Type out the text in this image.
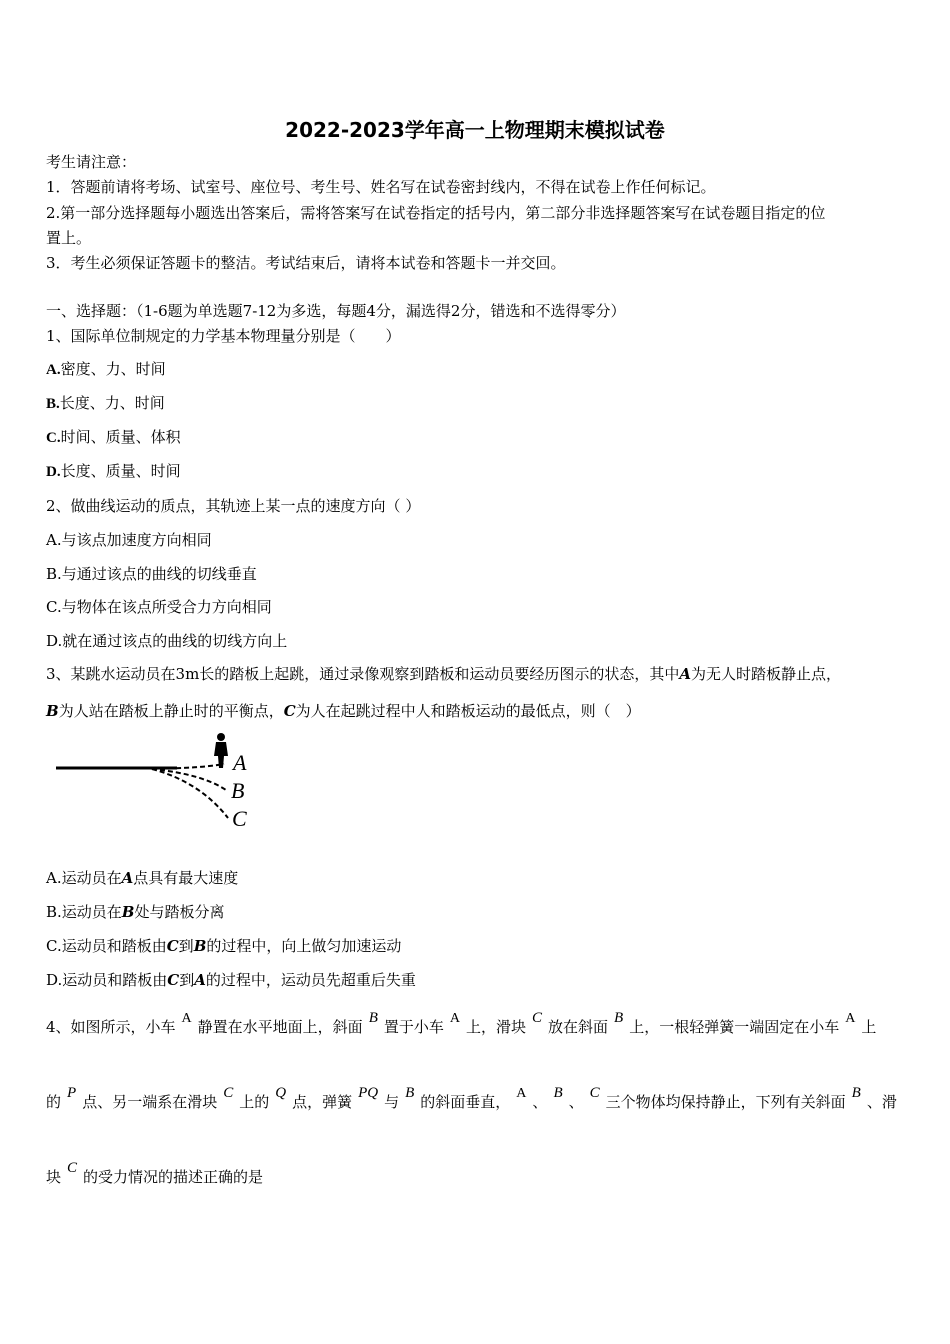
2022-2023学年高一上物理期末模拟试卷
考生请注意：
1．答题前请将考场、试室号、座位号、考生号、姓名写在试卷密封线内，不得在试卷上作任何标记。
2.第一部分选择题每小题选出答案后，需将答案写在试卷指定的括号内，第二部分非选择题答案写在试卷题目指定的位
置上。
3．考生必须保证答题卡的整洁。考试结束后，请将本试卷和答题卡一并交回。
一、选择题：（1-6题为单选题7-12为多选，每题4分，漏选得2分，错选和不选得零分）
1、国际单位制规定的力学基本物理量分别是（　　）
A.密度、力、时间
B.长度、力、时间
C.时间、质量、体积
D.长度、质量、时间
2、做曲线运动的质点，其轨迹上某一点的速度方向（ ）
A.与该点加速度方向相同
B.与通过该点的曲线的切线垂直
C.与物体在该点所受合力方向相同
D.就在通过该点的曲线的切线方向上
3、某跳水运动员在3m长的踏板上起跳，通过录像观察到踏板和运动员要经历图示的状态，其中A为无人时踏板静止点，
B为人站在踏板上静止时的平衡点，C为人在起跳过程中人和踏板运动的最低点，则（　）
A
B
C
A.运动员在A点具有最大速度
B.运动员在B处与踏板分离
C.运动员和踏板由C到B的过程中，向上做匀加速运动
D.运动员和踏板由C到A的过程中，运动员先超重后失重
4、如图所示，小车 A 静置在水平地面上，斜面 B 置于小车 A 上，滑块 C 放在斜面 B 上，一根轻弹簧一端固定在小车 A 上
的 P 点、另一端系在滑块 C 上的 Q 点，弹簧 PQ 与 B 的斜面垂直， A 、 B 、 C 三个物体均保持静止，下列有关斜面 B 、滑
块 C 的受力情况的描述正确的是
